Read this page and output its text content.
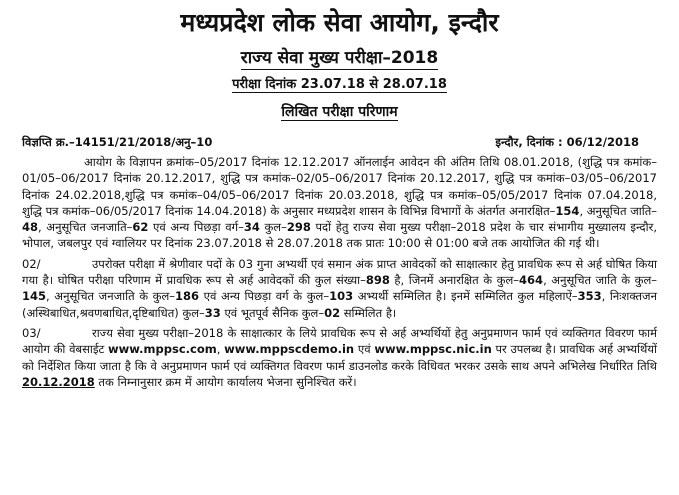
मध्यप्रदेश लोक सेवा आयोग, इन्दौर
राज्य सेवा मुख्य परीक्षा–2018
परीक्षा दिनांक 23.07.18 से 28.07.18
लिखित परीक्षा परिणाम
विज्ञप्ति क्र.–14151/21/2018/अनु–10	इन्दौर, दिनांक : 06/12/2018

आयोग के विज्ञापन क्रमांक–05/2017 दिनांक 12.12.2017 ऑनलाईन आवेदन की अंतिम तिथि 08.01.2018, (शुद्धि पत्र कमांक–01/05–06/2017 दिनांक 20.12.2017, शुद्धि पत्र कमांक–02/05–06/2017 दिनांक 20.12.2017, शुद्धि पत्र कमांक–03/05–06/2017 दिनांक 24.02.2018,शुद्धि पत्र कमांक–04/05–06/2017 दिनांक 20.03.2018, शुद्धि पत्र कमांक–05/05/2017 दिनांक 07.04.2018, शुद्धि पत्र कमांक–06/05/2017 दिनांक 14.04.2018) के अनुसार मध्यप्रदेश शासन के विभिन्न विभागों के अंतर्गत अनारक्षित–154, अनुसूचित जाति–48, अनुसूचित जनजाति–62 एवं अन्य पिछड़ा वर्ग–34 कुल–298 पदों हेतु राज्य सेवा मुख्य परीक्षा–2018 प्रदेश के चार संभागीय मुख्यालय इन्दौर, भोपाल, जबलपुर एवं ग्वालियर पर दिनांक 23.07.2018 से 28.07.2018 तक प्रातः 10:00 से 01:00 बजे तक आयोजित की गई थी।

02/	उपरोक्त परीक्षा में श्रेणीवार पदों के 03 गुना अभ्यर्थी एवं समान अंक प्राप्त आवेदकों को साक्षात्कार हेतु प्रावधिक रूप से अर्ह घोषित किया गया है। घोषित परीक्षा परिणाम में प्रावधिक रूप से अर्ह आवेदकों की कुल संख्या–898 है, जिनमें अनारक्षित के कुल–464, अनुसूचित जाति के कुल–145, अनुसूचित जनजाति के कुल–186 एवं अन्य पिछड़ा वर्ग के कुल–103 अभ्यर्थी सम्मिलित है। इनमें सम्मिलित कुल महिलाऐं–353, निःशक्तजन (अस्थिबाधित,श्रवणबाधित,दृष्टिबाधित) कुल–33 एवं भूतपूर्व सैनिक कुल–02 सम्मिलित है।

03/	राज्य सेवा मुख्य परीक्षा–2018 के साक्षात्कार के लिये प्रावधिक रूप से अर्ह अभ्यर्थियों हेतु अनुप्रमाणन फार्म एवं व्यक्तिगत विवरण फार्म आयोग की वेबसाईट www.mppsc.com, www.mppscdemo.in एवं www.mppsc.nic.in पर उपलब्ध है। प्रावधिक अर्ह अभ्यर्थियों को निर्देशित किया जाता है कि वे अनुप्रमाणन फार्म एवं व्यक्तिगत विवरण फार्म डाउनलोड करके विधिवत भरकर उसके साथ अपने अभिलेख निर्धारित तिथि 20.12.2018 तक निम्नानुसार क्रम में आयोग कार्यालय भेजना सुनिश्चित करें।
